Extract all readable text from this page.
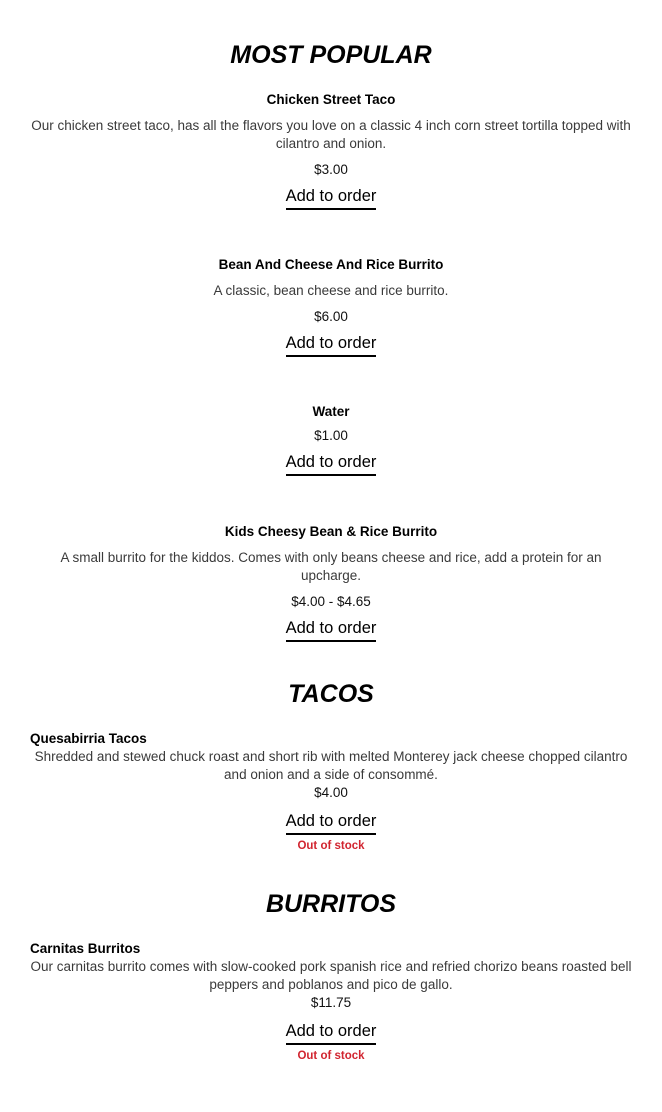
MOST POPULAR
Chicken Street Taco
Our chicken street taco, has all the flavors you love on a classic 4 inch corn street tortilla topped with cilantro and onion.
$3.00
Add to order
Bean And Cheese And Rice Burrito
A classic, bean cheese and rice burrito.
$6.00
Add to order
Water
$1.00
Add to order
Kids Cheesy Bean & Rice Burrito
A small burrito for the kiddos. Comes with only beans cheese and rice, add a protein for an upcharge.
$4.00 - $4.65
Add to order
TACOS
Quesabirria Tacos
Shredded and stewed chuck roast and short rib with melted Monterey jack cheese chopped cilantro and onion and a side of consommé.
$4.00
Add to order
Out of stock
BURRITOS
Carnitas Burritos
Our carnitas burrito comes with slow-cooked pork spanish rice and refried chorizo beans roasted bell peppers and poblanos and pico de gallo.
$11.75
Add to order
Out of stock
